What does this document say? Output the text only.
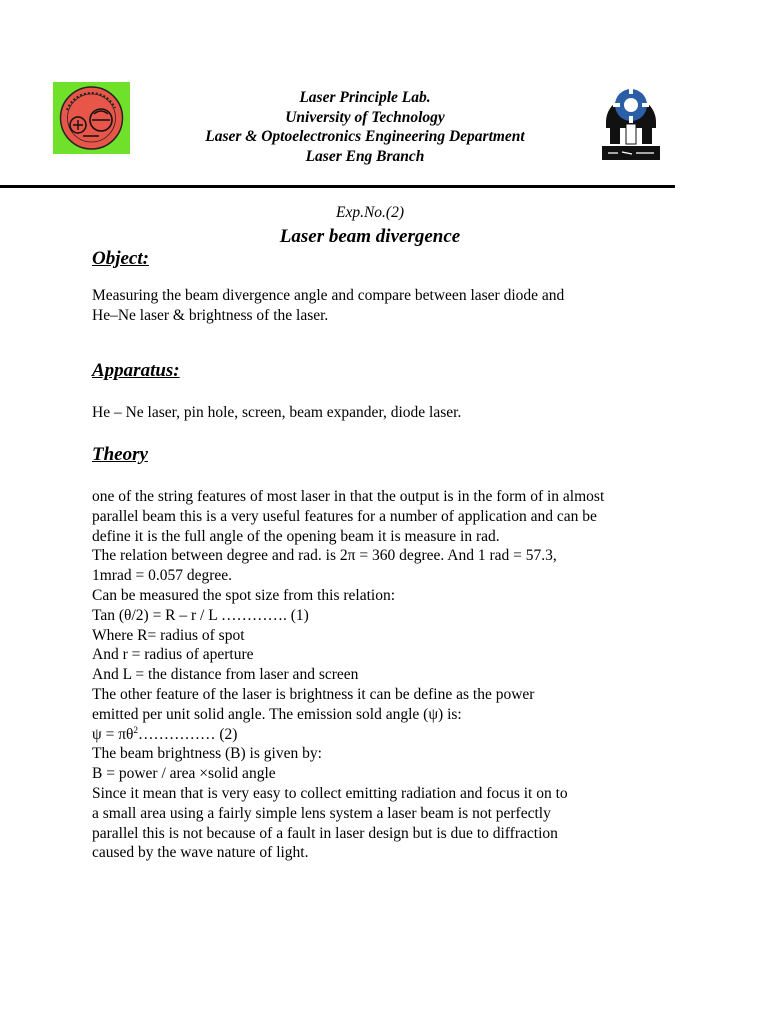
Laser Principle Lab.
University of Technology
Laser & Optoelectronics Engineering Department
Laser Eng Branch
Exp.No.(2)
Laser beam divergence
Object:
Measuring the beam divergence angle and compare between laser diode and
He–Ne laser & brightness of the laser.
Apparatus:
He – Ne laser, pin hole, screen, beam expander, diode laser.
Theory
one of the string features of most laser in that the output is in the form of in almost
parallel beam this is a very useful features for a number of application and can be
define it is the full angle of the opening beam it is measure in rad.
The relation between degree and rad. is 2π = 360 degree. And 1 rad = 57.3,
1mrad = 0.057 degree.
Can be measured the spot size from this relation:
Tan (θ/2) = R – r / L …………. (1)
Where R= radius of spot
And r = radius of aperture
And L = the distance from laser and screen
The other feature of the laser is brightness it can be define as the power
emitted per unit solid angle. The emission sold angle (ψ) is:
$\psi = \pi\theta^2\dots\dots\dots\dots\dots$ (2)
The beam brightness (B) is given by:
B = power / area ×solid angle
Since it mean that is very easy to collect emitting radiation and focus it on to
a small area using a fairly simple lens system a laser beam is not perfectly
parallel this is not because of a fault in laser design but is due to diffraction
caused by the wave nature of light.
